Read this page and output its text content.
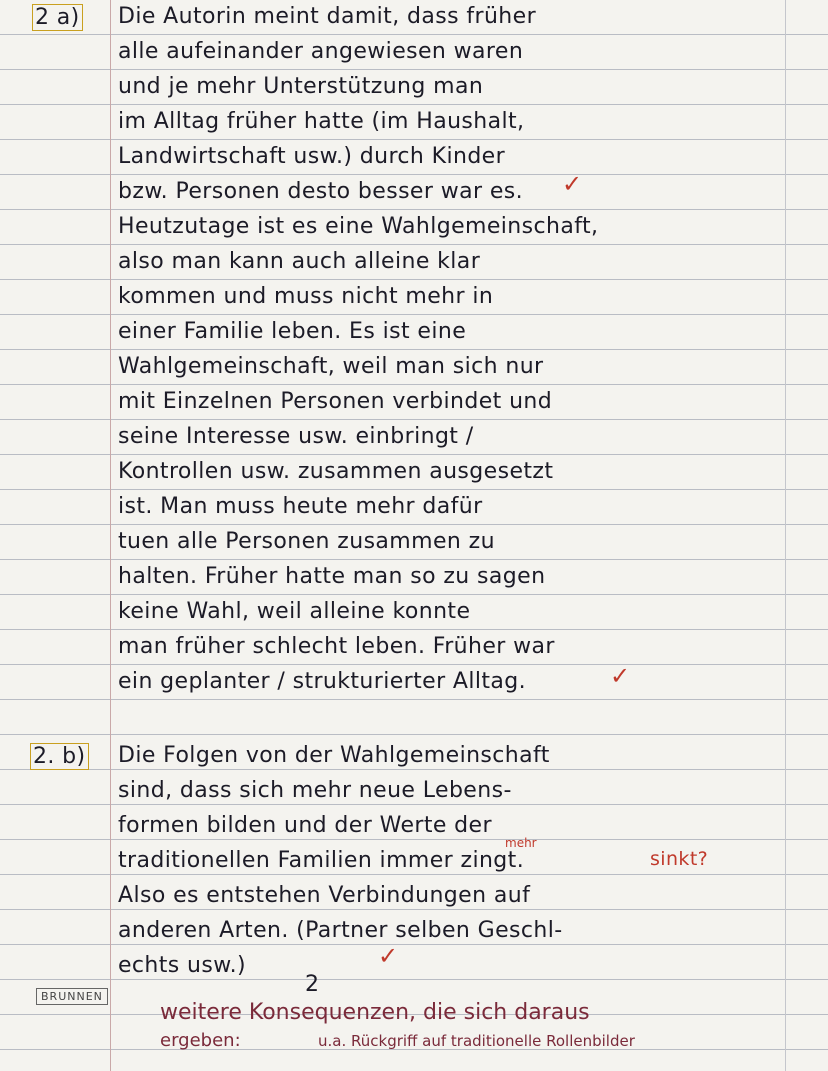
2 a) Die Autorin meint damit, dass früher
alle aufeinander angewiesen waren
und je mehr Unterstützung man
im Alltag früher hatte (im Haushalt,
Landwirtschaft usw.) durch Kinder
bzw. Personen desto besser war es. ✓
Heutzutage ist es eine Wahlgemeinschaft,
also man kann auch alleine klar
kommen und muss nicht mehr in
einer Familie leben. Es ist eine
Wahlgemeinschaft, weil man sich nur
mit Einzelnen Personen verbindet und
seine Interesse usw. einbringt /
Kontrollen usw. zusammen ausgesetzt
ist. Man muss heute mehr dafür
tuen alle Personen zusammen zu
halten. Früher hatte man so zu sagen
keine Wahl, weil alleine konnte
man früher schlecht leben. Früher war
ein geplanter / strukturierter Alltag.	✓
2. b) Die Folgen von der Wahlgemeinschaft
sind, dass sich mehr neue Lebens-
formen bilden und der Werte der
traditionellen Familien immer zingt.
mehr
sinkt?
Also es entstehen Verbindungen auf
anderen Arten. (Partner selben Geschl-
echts usw.)	✓
2
BRUNNEN
weitere Konsequenzen, die sich daraus
ergeben:	u.a. Rückgriff auf traditionelle Rollenbilder
